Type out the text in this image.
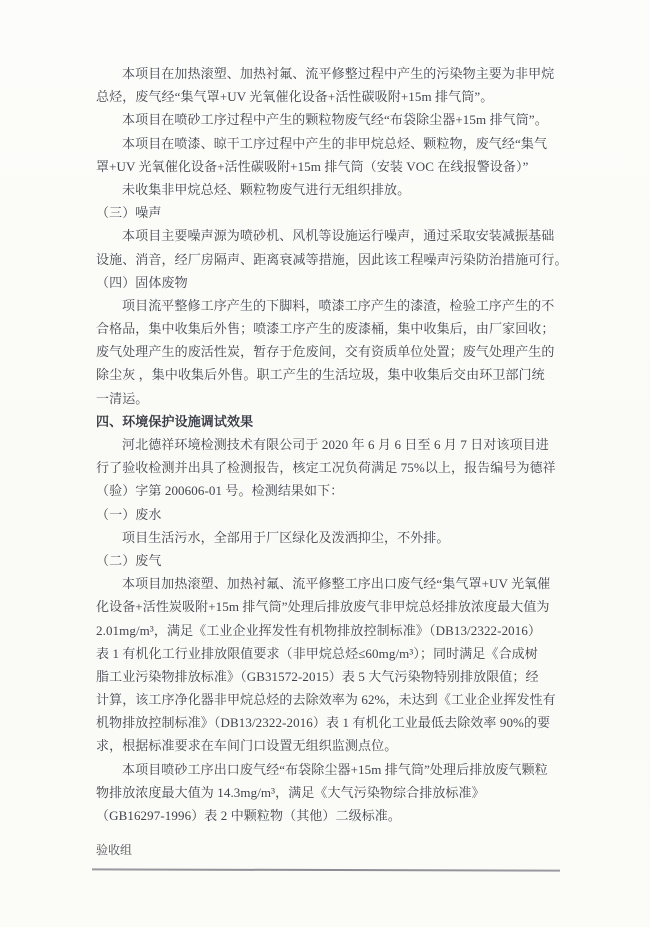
本项目在加热滚塑、加热衬氟、流平修整过程中产生的污染物主要为非甲烷
总烃，废气经“集气罩+UV 光氧催化设备+活性碳吸附+15m 排气筒”。
本项目在喷砂工序过程中产生的颗粒物废气经“布袋除尘器+15m 排气筒”。
本项目在喷漆、晾干工序过程中产生的非甲烷总烃、颗粒物，废气经“集气
罩+UV 光氧催化设备+活性碳吸附+15m 排气筒（安装 VOC 在线报警设备）”
未收集非甲烷总烃、颗粒物废气进行无组织排放。
（三）噪声
本项目主要噪声源为喷砂机、风机等设施运行噪声，通过采取安装减振基础
设施、消音，经厂房隔声、距离衰减等措施，因此该工程噪声污染防治措施可行。
（四）固体废物
项目流平整修工序产生的下脚料，喷漆工序产生的漆渣，检验工序产生的不
合格品，集中收集后外售；喷漆工序产生的废漆桶，集中收集后，由厂家回收；
废气处理产生的废活性炭，暂存于危废间，交有资质单位处置；废气处理产生的
除尘灰 ，集中收集后外售。职工产生的生活垃圾，集中收集后交由环卫部门统
一清运。
四、环境保护设施调试效果
河北德祥环境检测技术有限公司于 2020 年 6 月 6 日至 6 月 7 日对该项目进
行了验收检测并出具了检测报告，核定工况负荷满足 75%以上，报告编号为德祥
（验）字第 200606-01 号。检测结果如下：
（一）废水
项目生活污水，全部用于厂区绿化及泼洒抑尘，不外排。
（二）废气
本项目加热滚塑、加热衬氟、流平修整工序出口废气经“集气罩+UV 光氧催
化设备+活性炭吸附+15m 排气筒”处理后排放废气非甲烷总烃排放浓度最大值为
2.01mg/m³，满足《工业企业挥发性有机物排放控制标准》（DB13/2322-2016）
表 1 有机化工行业排放限值要求（非甲烷总烃≤60mg/m³）；同时满足《合成树
脂工业污染物排放标准》（GB31572-2015）表 5 大气污染物特别排放限值；经
计算，该工序净化器非甲烷总烃的去除效率为 62%，未达到《工业企业挥发性有
机物排放控制标准》（DB13/2322-2016）表 1 有机化工业最低去除效率 90%的要
求，根据标准要求在车间门口设置无组织监测点位。
本项目喷砂工序出口废气经“布袋除尘器+15m 排气筒”处理后排放废气颗粒
物排放浓度最大值为 14.3mg/m³，满足《大气污染物综合排放标准》
（GB16297-1996）表 2 中颗粒物（其他）二级标准。
验收组
